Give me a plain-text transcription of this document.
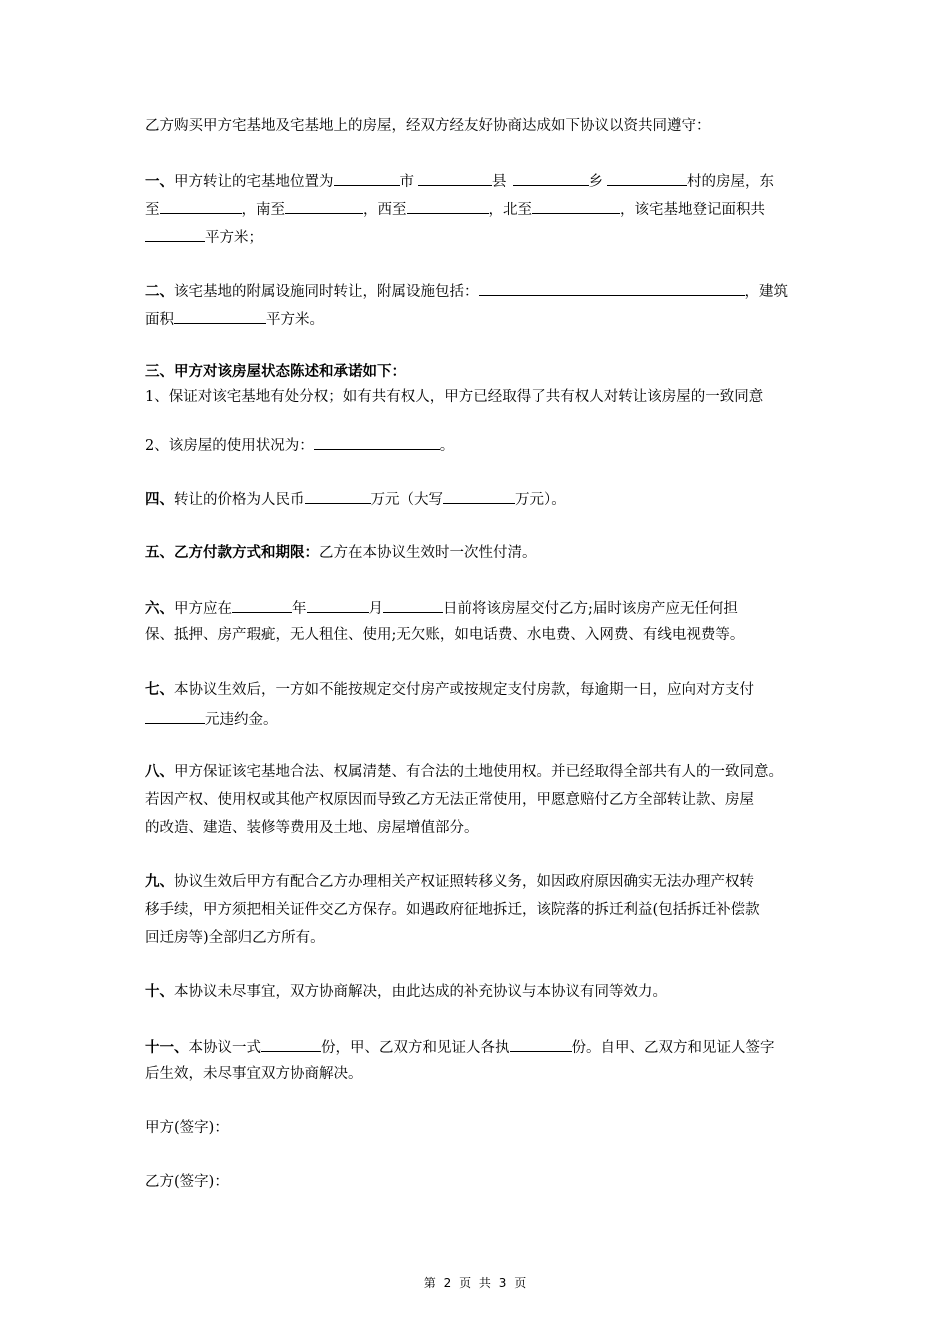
乙方购买甲方宅基地及宅基地上的房屋，经双方经友好协商达成如下协议以资共同遵守：
一、甲方转让的宅基地位置为	市	县	乡	村的房屋，东
至	，南至	，西至	，北至	，该宅基地登记面积共
平方米；
二、该宅基地的附属设施同时转让，附属设施包括：	，建筑
面积	平方米。
三、甲方对该房屋状态陈述和承诺如下：
1、保证对该宅基地有处分权；如有共有权人，甲方已经取得了共有权人对转让该房屋的一致同意
2、该房屋的使用状况为：	。
四、转让的价格为人民币	万元（大写	万元）。
五、乙方付款方式和期限：乙方在本协议生效时一次性付清。
六、甲方应在	年	月	日前将该房屋交付乙方;届时该房产应无任何担
保、抵押、房产瑕疵，无人租住、使用;无欠账，如电话费、水电费、入网费、有线电视费等。
七、本协议生效后，一方如不能按规定交付房产或按规定支付房款，每逾期一日，应向对方支付
元违约金。
八、甲方保证该宅基地合法、权属清楚、有合法的土地使用权。并已经取得全部共有人的一致同意。
若因产权、使用权或其他产权原因而导致乙方无法正常使用，甲愿意赔付乙方全部转让款、房屋
的改造、建造、装修等费用及土地、房屋增值部分。
九、协议生效后甲方有配合乙方办理相关产权证照转移义务，如因政府原因确实无法办理产权转
移手续，甲方须把相关证件交乙方保存。如遇政府征地拆迁，该院落的拆迁利益(包括拆迁补偿款
回迁房等)全部归乙方所有。
十、本协议未尽事宜，双方协商解决，由此达成的补充协议与本协议有同等效力。
十一、本协议一式	份，甲、乙双方和见证人各执	份。自甲、乙双方和见证人签字
后生效，未尽事宜双方协商解决。
甲方(签字)：
乙方(签字)：
第 2 页 共 3 页
